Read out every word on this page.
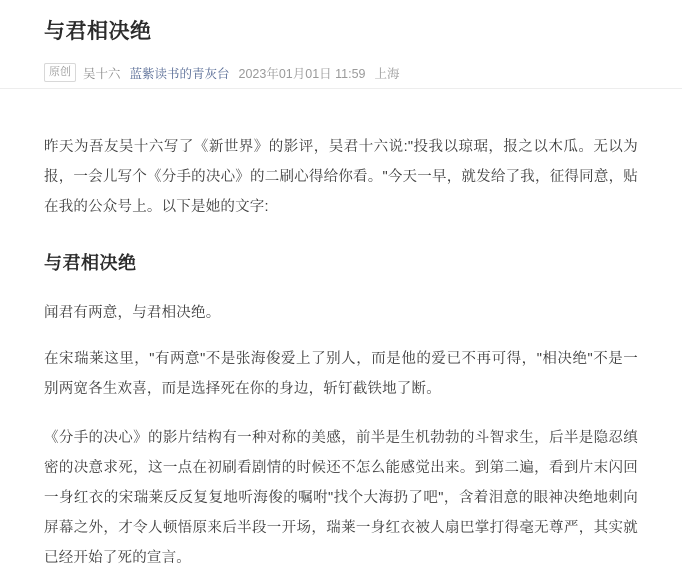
与君相决绝
原创 吴十六 蓝紫读书的青灰台 2023年01月01日 11:59 上海

昨天为吾友吴十六写了《新世界》的影评，吴君十六说:"投我以琼琚，报之以木瓜。无以为报，一会儿写个《分手的决心》的二刷心得给你看。"今天一早，就发给了我，征得同意，贴在我的公众号上。以下是她的文字:

与君相决绝

闻君有两意，与君相决绝。

在宋瑞莱这里，"有两意"不是张海俊爱上了别人，而是他的爱已不再可得，"相决绝"不是一别两宽各生欢喜，而是选择死在你的身边，斩钉截铁地了断。

《分手的决心》的影片结构有一种对称的美感，前半是生机勃勃的斗智求生，后半是隐忍缜密的决意求死，这一点在初刷看剧情的时候还不怎么能感觉出来。到第二遍，看到片末闪回一身红衣的宋瑞莱反反复复地听海俊的嘱咐"找个大海扔了吧"，含着泪意的眼神决绝地刺向屏幕之外，才令人顿悟原来后半段一开场，瑞莱一身红衣被人扇巴掌打得毫无尊严，其实就已经开始了死的宣言。
